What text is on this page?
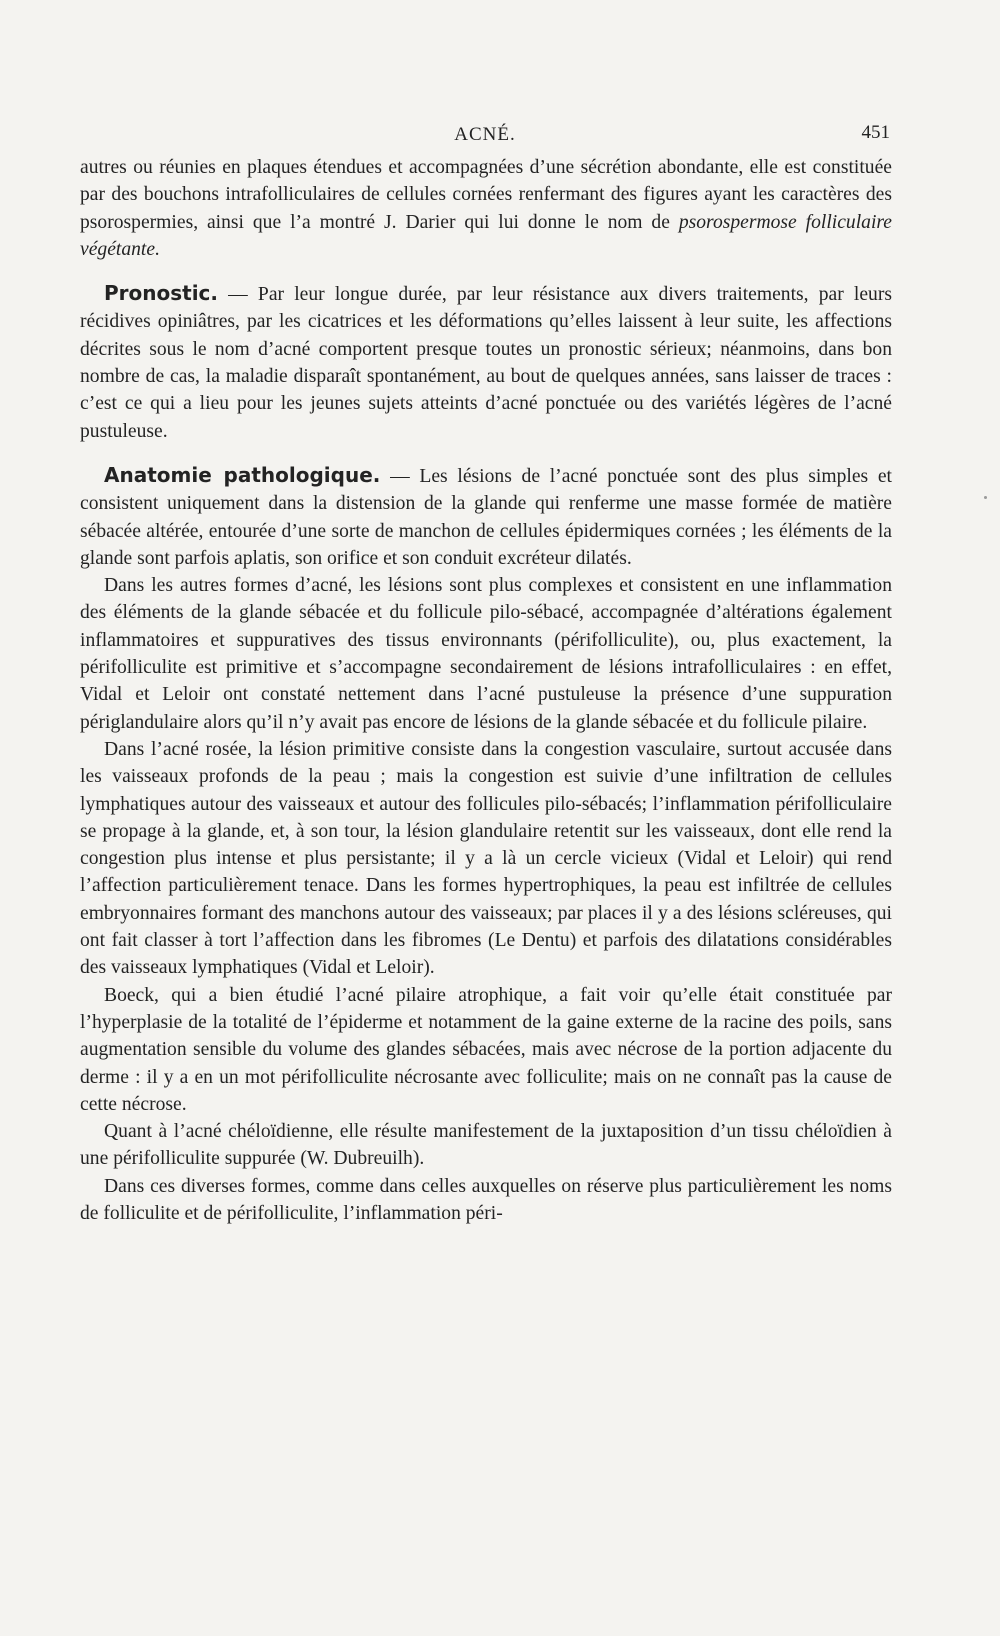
ACNÉ.	451

autres ou réunies en plaques étendues et accompagnées d’une sécrétion abondante, elle est constituée par des bouchons intrafolliculaires de cellules cornées renfermant des figures ayant les caractères des psorospermies, ainsi que l’a montré J. Darier qui lui donne le nom de psorospermose folliculaire végétante.

Pronostic. — Par leur longue durée, par leur résistance aux divers traitements, par leurs récidives opiniâtres, par les cicatrices et les déformations qu’elles laissent à leur suite, les affections décrites sous le nom d’acné comportent presque toutes un pronostic sérieux; néanmoins, dans bon nombre de cas, la maladie disparaît spontanément, au bout de quelques années, sans laisser de traces : c’est ce qui a lieu pour les jeunes sujets atteints d’acné ponctuée ou des variétés légères de l’acné pustuleuse.

Anatomie pathologique. — Les lésions de l’acné ponctuée sont des plus simples et consistent uniquement dans la distension de la glande qui renferme une masse formée de matière sébacée altérée, entourée d’une sorte de manchon de cellules épidermiques cornées ; les éléments de la glande sont parfois aplatis, son orifice et son conduit excréteur dilatés.

Dans les autres formes d’acné, les lésions sont plus complexes et consistent en une inflammation des éléments de la glande sébacée et du follicule pilo-sébacé, accompagnée d’altérations également inflammatoires et suppuratives des tissus environnants (périfolliculite), ou, plus exactement, la périfolliculite est primitive et s’accompagne secondairement de lésions intrafolliculaires : en effet, Vidal et Leloir ont constaté nettement dans l’acné pustuleuse la présence d’une suppuration périglandulaire alors qu’il n’y avait pas encore de lésions de la glande sébacée et du follicule pilaire.

Dans l’acné rosée, la lésion primitive consiste dans la congestion vasculaire, surtout accusée dans les vaisseaux profonds de la peau ; mais la congestion est suivie d’une infiltration de cellules lymphatiques autour des vaisseaux et autour des follicules pilo-sébacés; l’inflammation périfolliculaire se propage à la glande, et, à son tour, la lésion glandulaire retentit sur les vaisseaux, dont elle rend la congestion plus intense et plus persistante; il y a là un cercle vicieux (Vidal et Leloir) qui rend l’affection particulièrement tenace. Dans les formes hypertrophiques, la peau est infiltrée de cellules embryonnaires formant des manchons autour des vaisseaux; par places il y a des lésions scléreuses, qui ont fait classer à tort l’affection dans les fibromes (Le Dentu) et parfois des dilatations considérables des vaisseaux lymphatiques (Vidal et Leloir).

Boeck, qui a bien étudié l’acné pilaire atrophique, a fait voir qu’elle était constituée par l’hyperplasie de la totalité de l’épiderme et notamment de la gaine externe de la racine des poils, sans augmentation sensible du volume des glandes sébacées, mais avec nécrose de la portion adjacente du derme : il y a en un mot périfolliculite nécrosante avec folliculite; mais on ne connaît pas la cause de cette nécrose.

Quant à l’acné chéloïdienne, elle résulte manifestement de la juxtaposition d’un tissu chéloïdien à une périfolliculite suppurée (W. Dubreuilh).

Dans ces diverses formes, comme dans celles auxquelles on réserve plus particulièrement les noms de folliculite et de périfolliculite, l’inflammation péri-
